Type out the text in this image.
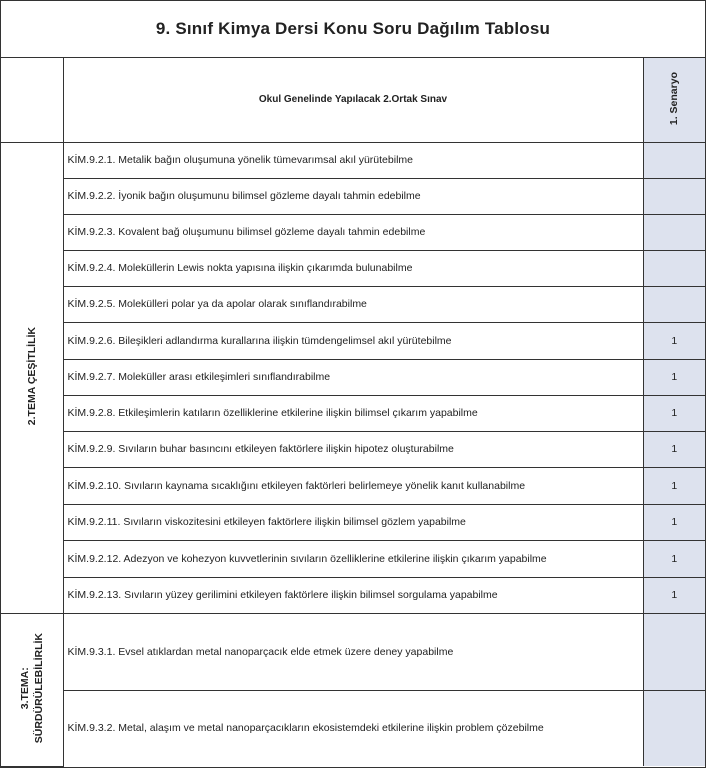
9. Sınıf Kimya Dersi Konu Soru Dağılım Tablosu
	Okul Genelinde Yapılacak 2.Ortak Sınav	1. Senaryo
2.TEMA ÇEŞİTLİLİK	KİM.9.2.1. Metalik bağın oluşumuna yönelik tümevarımsal akıl yürütebilme	
	KİM.9.2.2. İyonik bağın oluşumunu bilimsel gözleme dayalı tahmin edebilme	
	KİM.9.2.3. Kovalent bağ oluşumunu bilimsel gözleme dayalı tahmin edebilme	
	KİM.9.2.4. Moleküllerin Lewis nokta yapısına ilişkin çıkarımda bulunabilme	
	KİM.9.2.5. Molekülleri polar ya da apolar olarak sınıflandırabilme	
	KİM.9.2.6. Bileşikleri adlandırma kurallarına ilişkin tümdengelimsel akıl yürütebilme	1
	KİM.9.2.7. Moleküller arası etkileşimleri sınıflandırabilme	1
	KİM.9.2.8. Etkileşimlerin katıların özelliklerine etkilerine ilişkin bilimsel çıkarım yapabilme	1
	KİM.9.2.9. Sıvıların buhar basıncını etkileyen faktörlere ilişkin hipotez oluşturabilme	1
	KİM.9.2.10. Sıvıların kaynama sıcaklığını etkileyen faktörleri belirlemeye yönelik kanıt kullanabilme	1
	KİM.9.2.11. Sıvıların viskozitesini etkileyen faktörlere ilişkin bilimsel gözlem yapabilme	1
	KİM.9.2.12. Adezyon ve kohezyon kuvvetlerinin sıvıların özelliklerine etkilerine ilişkin çıkarım yapabilme	1
	KİM.9.2.13. Sıvıların yüzey gerilimini etkileyen faktörlere ilişkin bilimsel sorgulama yapabilme	1

3.TEMA: SÜRDÜRÜLEBİLİRLİK	KİM.9.3.1. Evsel atıklardan metal nanoparçacık elde etmek üzere deney yapabilme	
	KİM.9.3.2. Metal, alaşım ve metal nanoparçacıkların ekosistemdeki etkilerine ilişkin problem çözebilme	
